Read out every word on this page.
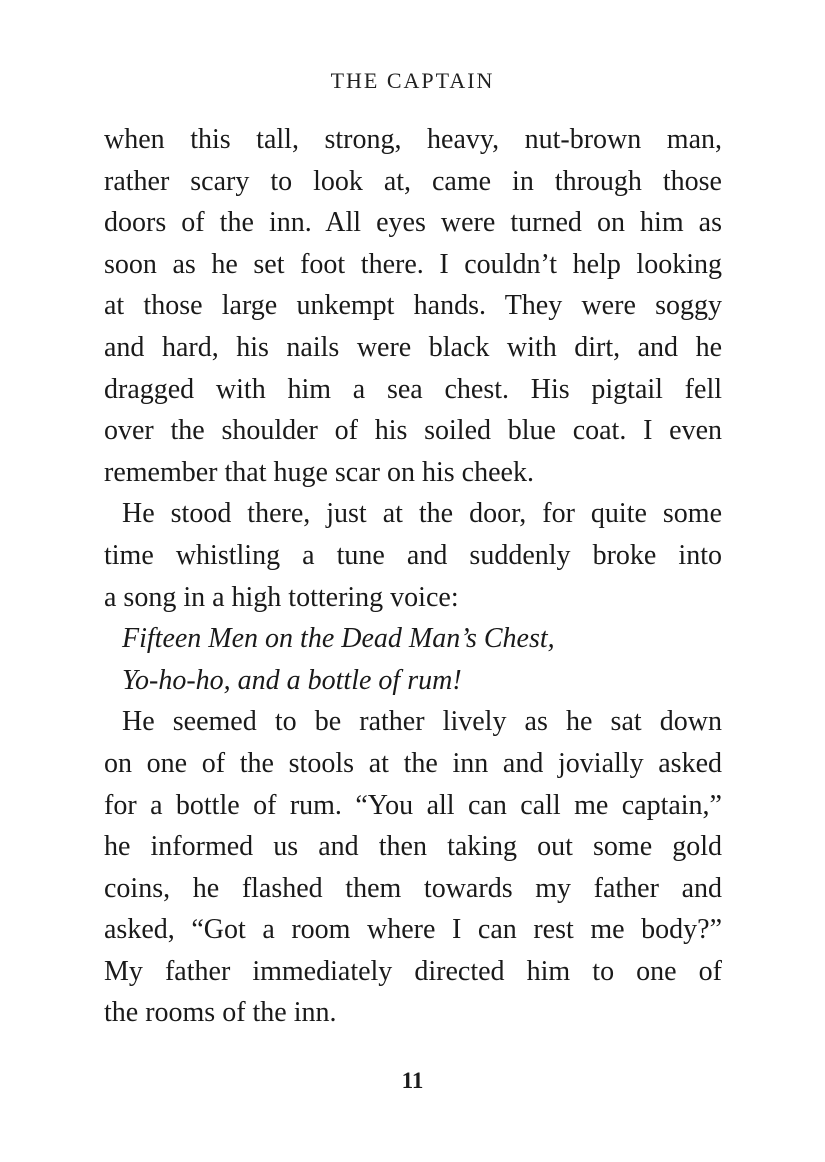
THE CAPTAIN
when this tall, strong, heavy, nut-brown man,
rather scary to look at, came in through those
doors of the inn. All eyes were turned on him as
soon as he set foot there. I couldn’t help looking
at those large unkempt hands. They were soggy
and hard, his nails were black with dirt, and he
dragged with him a sea chest. His pigtail fell
over the shoulder of his soiled blue coat. I even
remember that huge scar on his cheek.
He stood there, just at the door, for quite some
time whistling a tune and suddenly broke into
a song in a high tottering voice:
Fifteen Men on the Dead Man’s Chest,
Yo-ho-ho, and a bottle of rum!
He seemed to be rather lively as he sat down
on one of the stools at the inn and jovially asked
for a bottle of rum. “You all can call me captain,”
he informed us and then taking out some gold
coins, he flashed them towards my father and
asked, “Got a room where I can rest me body?”
My father immediately directed him to one of
the rooms of the inn.
11
